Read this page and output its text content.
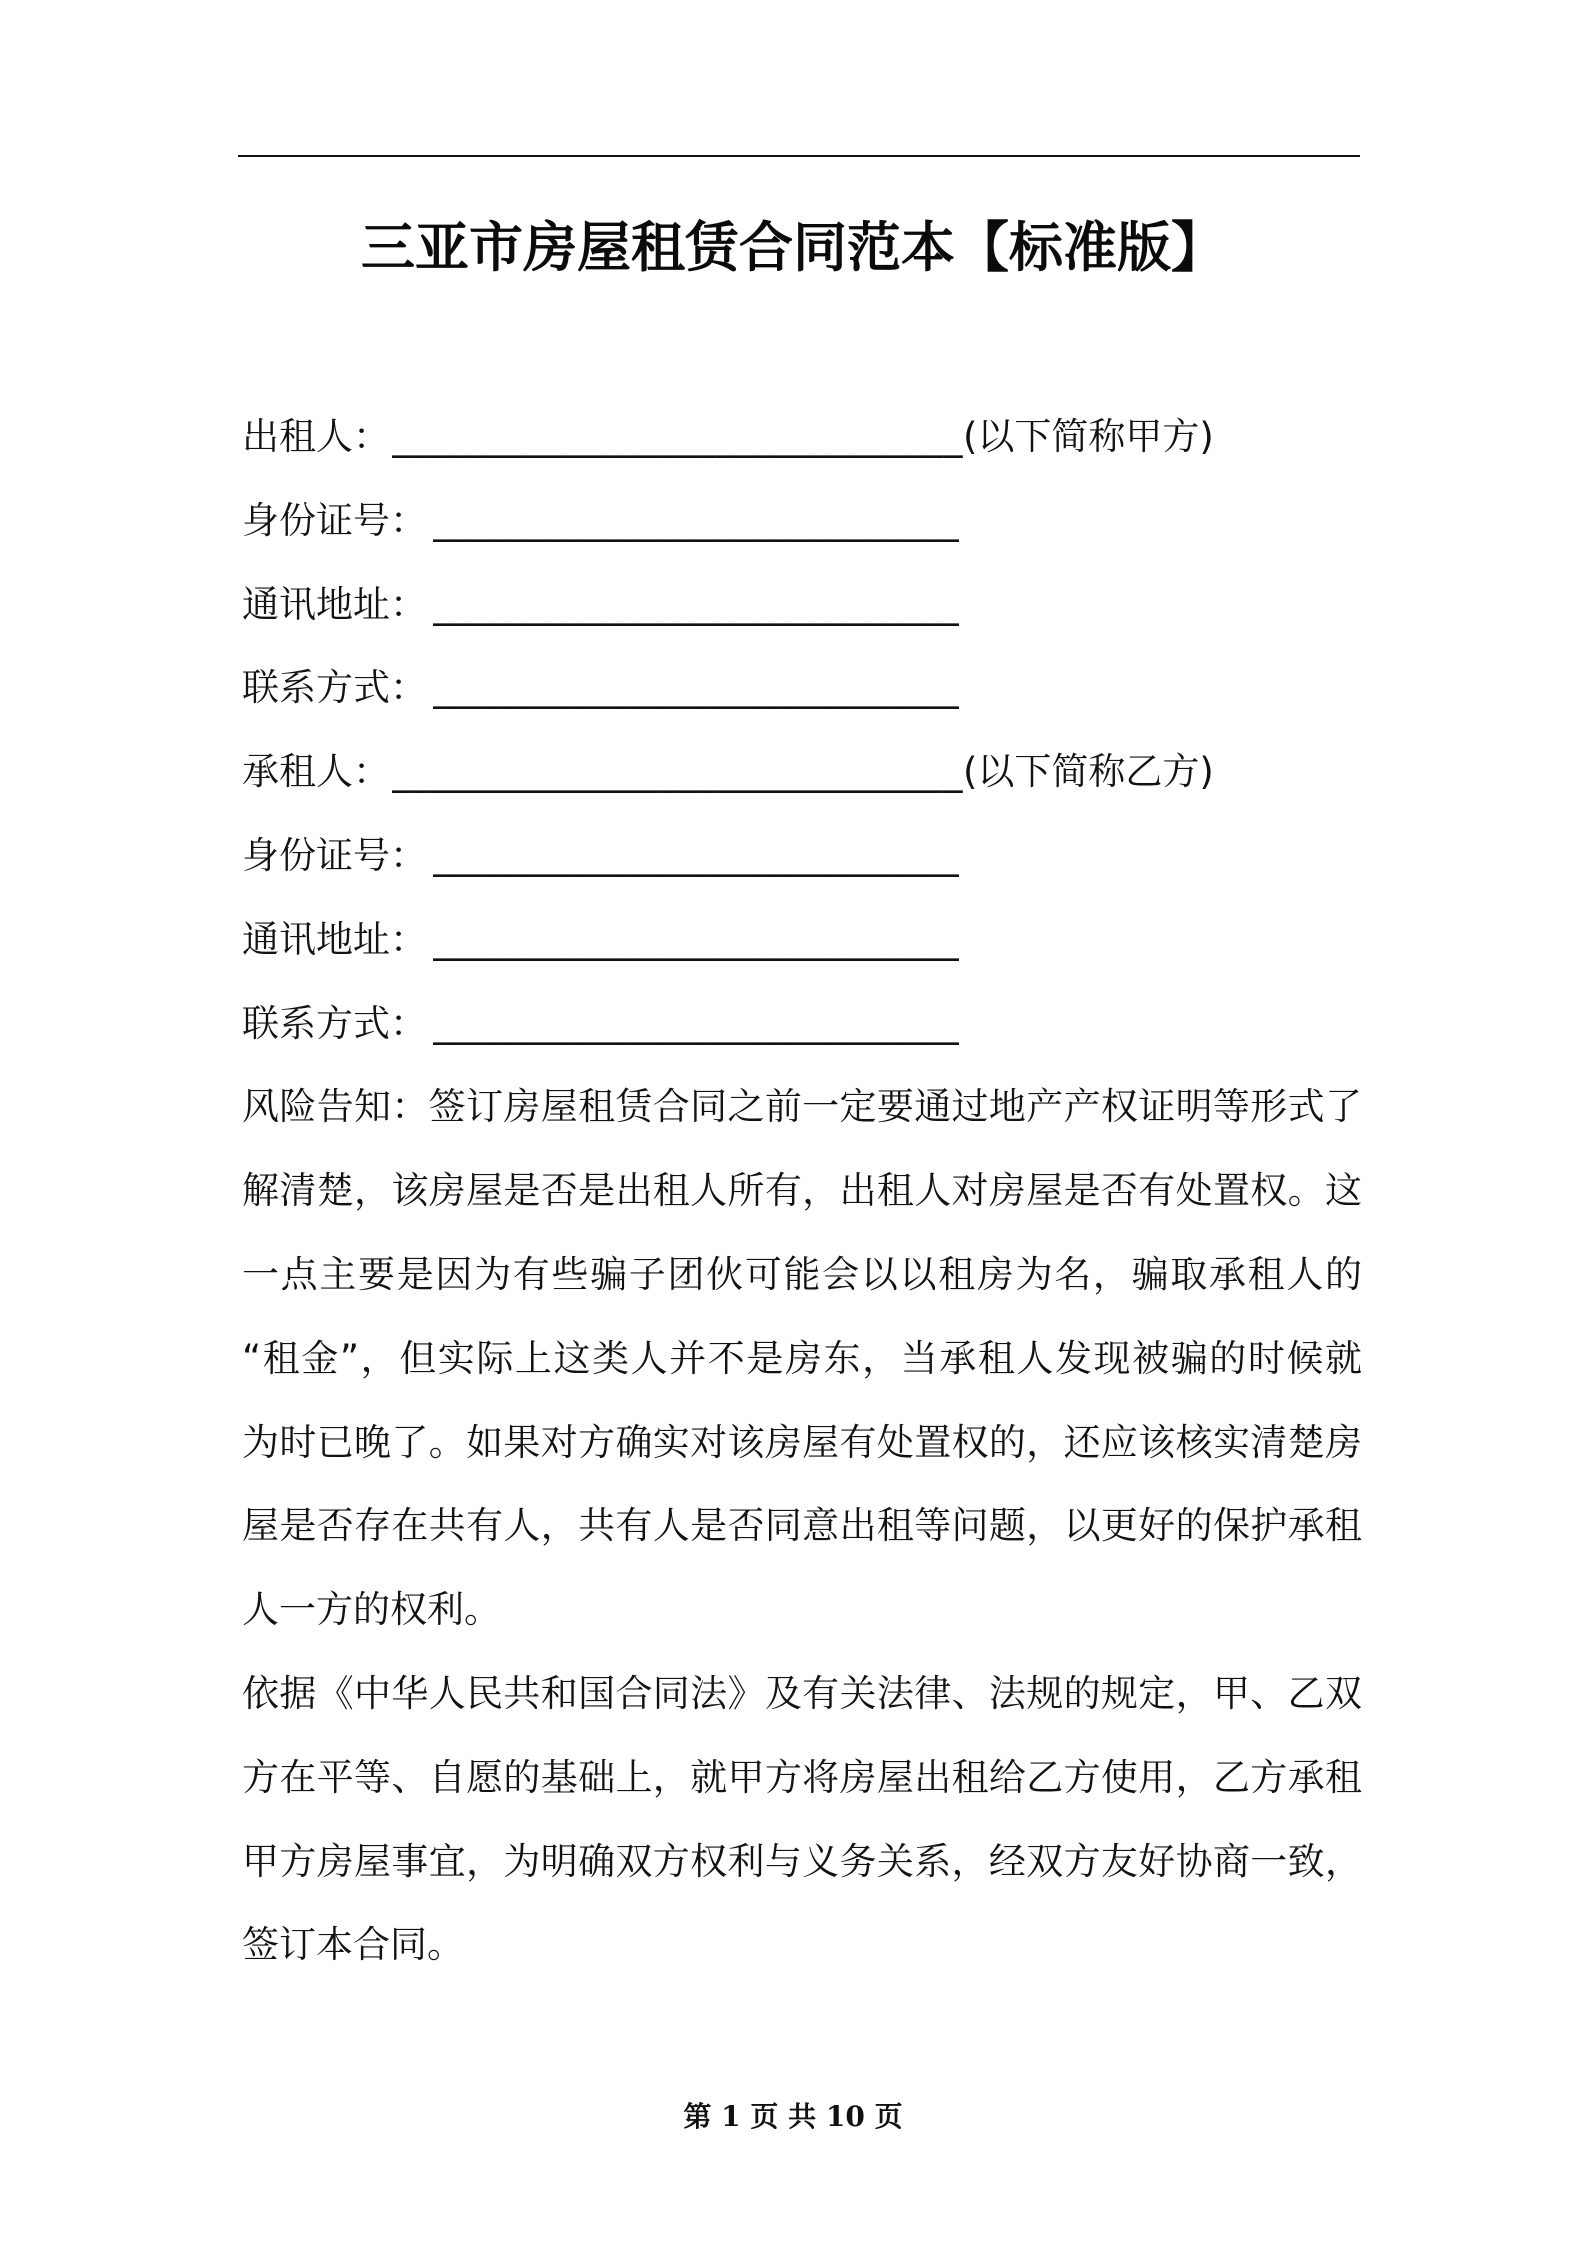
三亚市房屋租赁合同范本【标准版】
出租人： ______________________________ (以下简称甲方)
身份证号： ____________________________
通讯地址： ____________________________
联系方式： ____________________________
承租人： ______________________________ (以下简称乙方)
身份证号： ____________________________
通讯地址： ____________________________
联系方式： ____________________________
风险告知：签订房屋租赁合同之前一定要通过地产产权证明等形式了
解清楚，该房屋是否是出租人所有，出租人对房屋是否有处置权。这
一点主要是因为有些骗子团伙可能会以以租房为名，骗取承租人的
“租金”，但实际上这类人并不是房东，当承租人发现被骗的时候就
为时已晚了。如果对方确实对该房屋有处置权的，还应该核实清楚房
屋是否存在共有人，共有人是否同意出租等问题，以更好的保护承租
人一方的权利。
依据《中华人民共和国合同法》及有关法律、法规的规定，甲、乙双
方在平等、自愿的基础上，就甲方将房屋出租给乙方使用，乙方承租
甲方房屋事宜，为明确双方权利与义务关系，经双方友好协商一致，
签订本合同。
第 1 页 共 10 页
